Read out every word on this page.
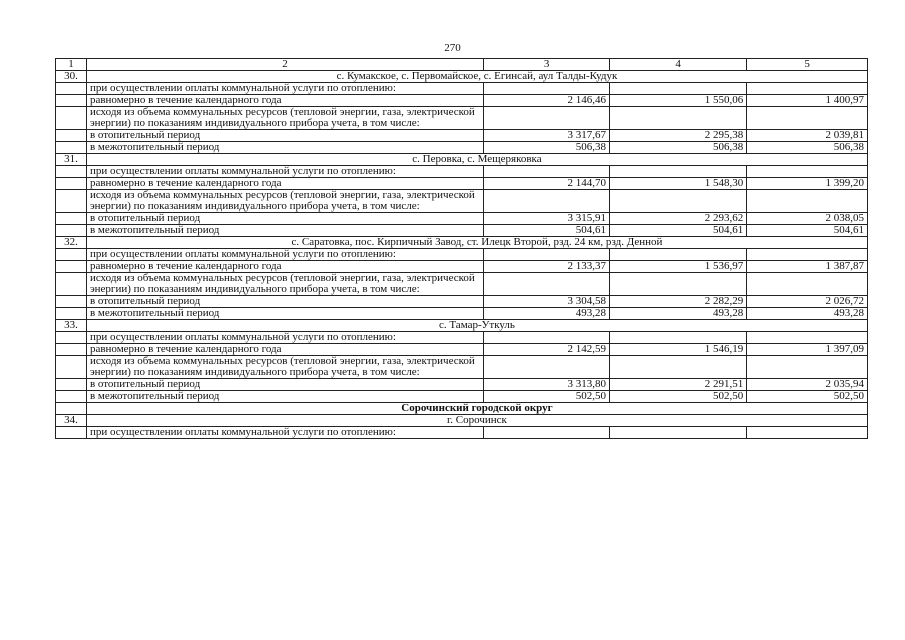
270
1	2	3	4	5
30.	с. Кумакское, с. Первомайское, с. Егинсай, аул Талды-Кудук			
	при осуществлении оплаты коммунальной услуги по отоплению:			
	равномерно в течение календарного года	2 146,46	1 550,06	1 400,97
	исходя из объема коммунальных ресурсов (тепловой энергии, газа, электрической энергии) по показаниям индивидуального прибора учета, в том числе:			
	в отопительный период	3 317,67	2 295,38	2 039,81
	в межотопительный период	506,38	506,38	506,38
31.	с. Перовка, с. Мещеряковка			
	при осуществлении оплаты коммунальной услуги по отоплению:			
	равномерно в течение календарного года	2 144,70	1 548,30	1 399,20
	исходя из объема коммунальных ресурсов (тепловой энергии, газа, электрической энергии) по показаниям индивидуального прибора учета, в том числе:			
	в отопительный период	3 315,91	2 293,62	2 038,05
	в межотопительный период	504,61	504,61	504,61
32.	с. Саратовка, пос. Кирпичный Завод, ст. Илецк Второй, рзд. 24 км, рзд. Денной			
	при осуществлении оплаты коммунальной услуги по отоплению:			
	равномерно в течение календарного года	2 133,37	1 536,97	1 387,87
	исходя из объема коммунальных ресурсов (тепловой энергии, газа, электрической энергии) по показаниям индивидуального прибора учета, в том числе:			
	в отопительный период	3 304,58	2 282,29	2 026,72
	в межотопительный период	493,28	493,28	493,28
33.	с. Тамар-Уткуль			
	при осуществлении оплаты коммунальной услуги по отоплению:			
	равномерно в течение календарного года	2 142,59	1 546,19	1 397,09
	исходя из объема коммунальных ресурсов (тепловой энергии, газа, электрической энергии) по показаниям индивидуального прибора учета, в том числе:			
	в отопительный период	3 313,80	2 291,51	2 035,94
	в межотопительный период	502,50	502,50	502,50
	Сорочинский городской округ			
34.	г. Сорочинск			
	при осуществлении оплаты коммунальной услуги по отоплению:			
